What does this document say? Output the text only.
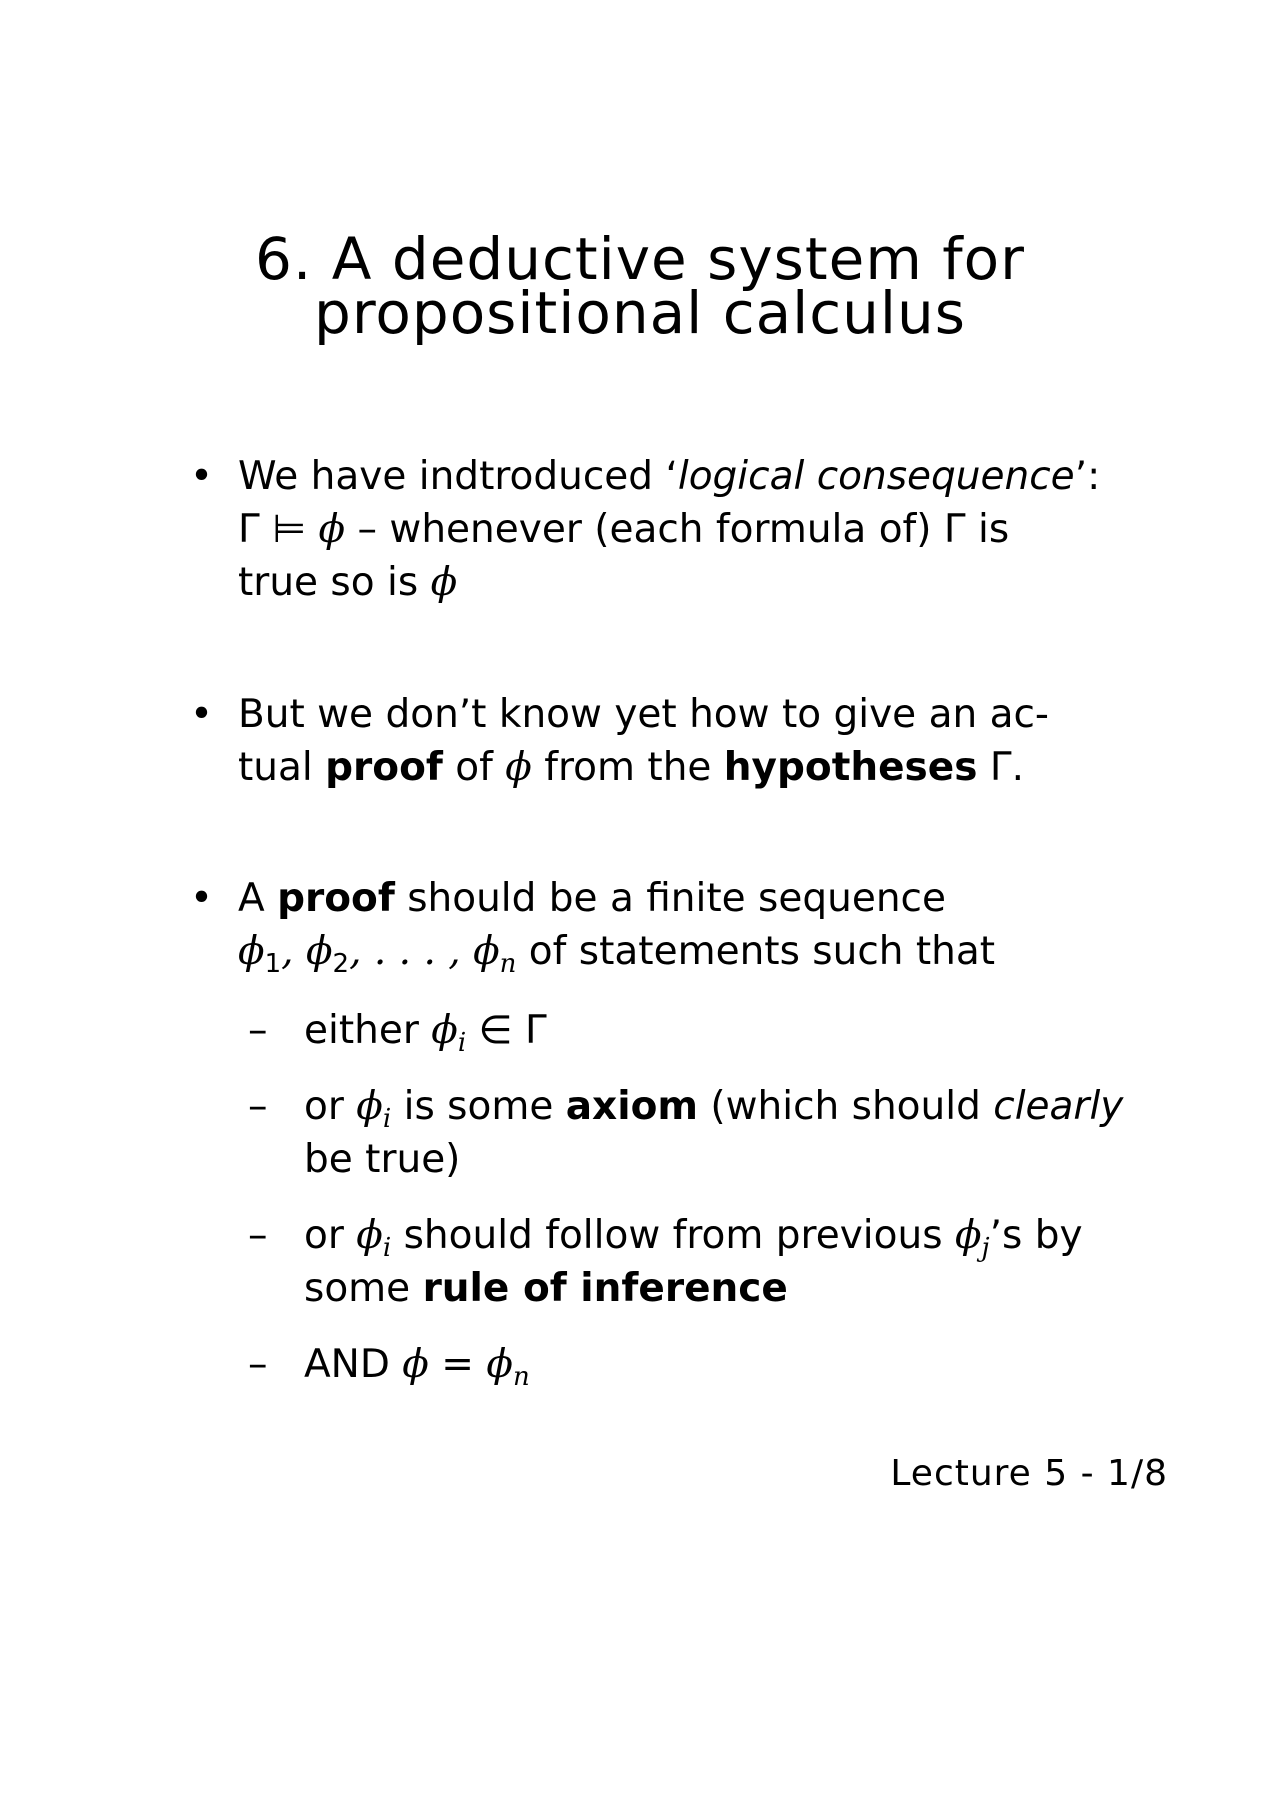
6. A deductive system for
propositional calculus
• We have indtroduced ‘logical consequence’:
Γ ⊨ ϕ – whenever (each formula of) Γ is
true so is ϕ
• But we don’t know yet how to give an ac-
tual proof of ϕ from the hypotheses Γ.
• A proof should be a finite sequence
$\phi_1$, $\phi_2$, . . . , $\phi_n$ of statements such that
– either $\phi_i$ ∈ Γ
– or $\phi_i$ is some axiom (which should clearly
be true)
– or $\phi_i$ should follow from previous $\phi_j’s$ by
some rule of inference
– AND $\phi = \phi_n$
Lecture 5 - 1/8
